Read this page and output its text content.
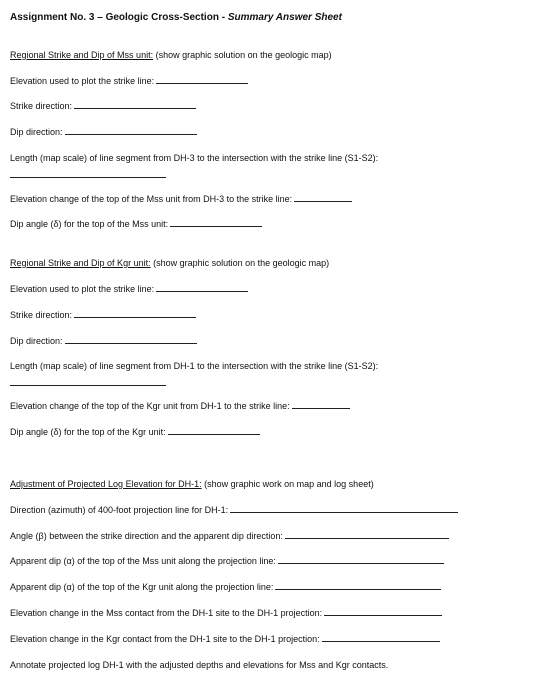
Assignment No. 3 – Geologic Cross-Section - Summary Answer Sheet
Regional Strike and Dip of Mss unit: (show graphic solution on the geologic map)
Elevation used to plot the strike line:
Strike direction:
Dip direction:
Length (map scale) of line segment from DH-3 to the intersection with the strike line (S1-S2):
Elevation change of the top of the Mss unit from DH-3 to the strike line:
Dip angle (δ) for the top of the Mss unit:
Regional Strike and Dip of Kgr unit: (show graphic solution on the geologic map)
Elevation used to plot the strike line:
Strike direction:
Dip direction:
Length (map scale) of line segment from DH-1 to the intersection with the strike line (S1-S2):
Elevation change of the top of the Kgr unit from DH-1 to the strike line:
Dip angle (δ) for the top of the Kgr unit:
Adjustment of Projected Log Elevation for DH-1: (show graphic work on map and log sheet)
Direction (azimuth) of 400-foot projection line for DH-1:
Angle (β) between the strike direction and the apparent dip direction:
Apparent dip (α) of the top of the Mss unit along the projection line:
Apparent dip (α) of the top of the Kgr unit along the projection line:
Elevation change in the Mss contact from the DH-1 site to the DH-1 projection:
Elevation change in the Kgr contact from the DH-1 site to the DH-1 projection:
Annotate projected log DH-1 with the adjusted depths and elevations for Mss and Kgr contacts.
